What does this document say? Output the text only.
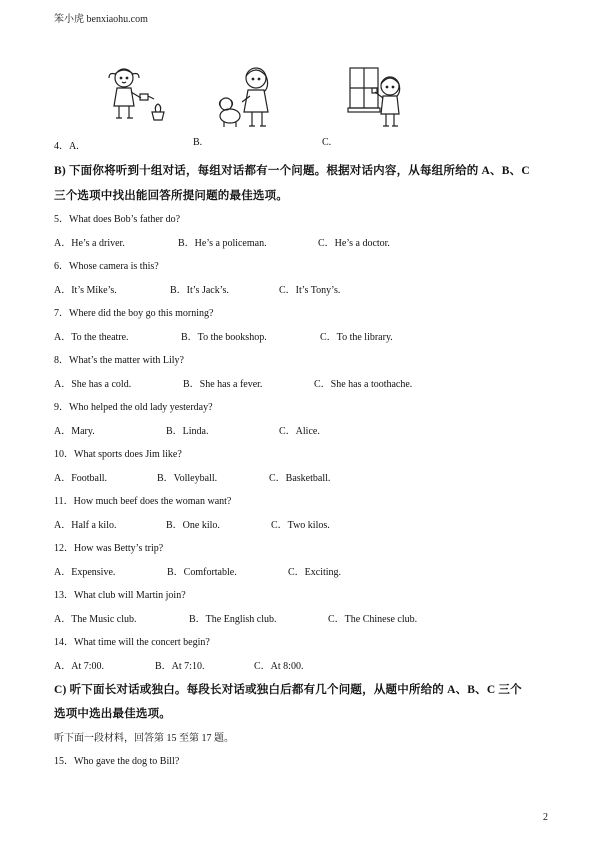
笨小虎 benxiaohu.com
4．A.	B.	C.
B) 下面你将听到十组对话，每组对话都有一个问题。根据对话内容，从每组所给的 A、B、C
三个选项中找出能回答所提问题的最佳选项。
5．What does Bob’s father do?
A．He’s a driver.	B．He’s a policeman.	C．He’s a doctor.
6．Whose camera is this?
A．It’s Mike’s.	B．It’s Jack’s.	C．It’s Tony’s.
7．Where did the boy go this morning?
A．To the theatre.	B．To the bookshop.	C．To the library.
8．What’s the matter with Lily?
A．She has a cold.	B．She has a fever.	C．She has a toothache.
9．Who helped the old lady yesterday?
A．Mary.	B．Linda.	C．Alice.
10．What sports does Jim like?
A．Football.	B．Volleyball.	C．Basketball.
11．How much beef does the woman want?
A．Half a kilo.	B．One kilo.	C．Two kilos.
12．How was Betty’s trip?
A．Expensive.	B．Comfortable.	C．Exciting.
13．What club will Martin join?
A．The Music club.	B．The English club.	C．The Chinese club.
14．What time will the concert begin?
A．At 7:00.	B．At 7:10.	C．At 8:00.
C) 听下面长对话或独白。每段长对话或独白后都有几个问题，从题中所给的 A、B、C 三个
选项中选出最佳选项。
听下面一段材料，回答第 15 至第 17 题。
15．Who gave the dog to Bill?
2
